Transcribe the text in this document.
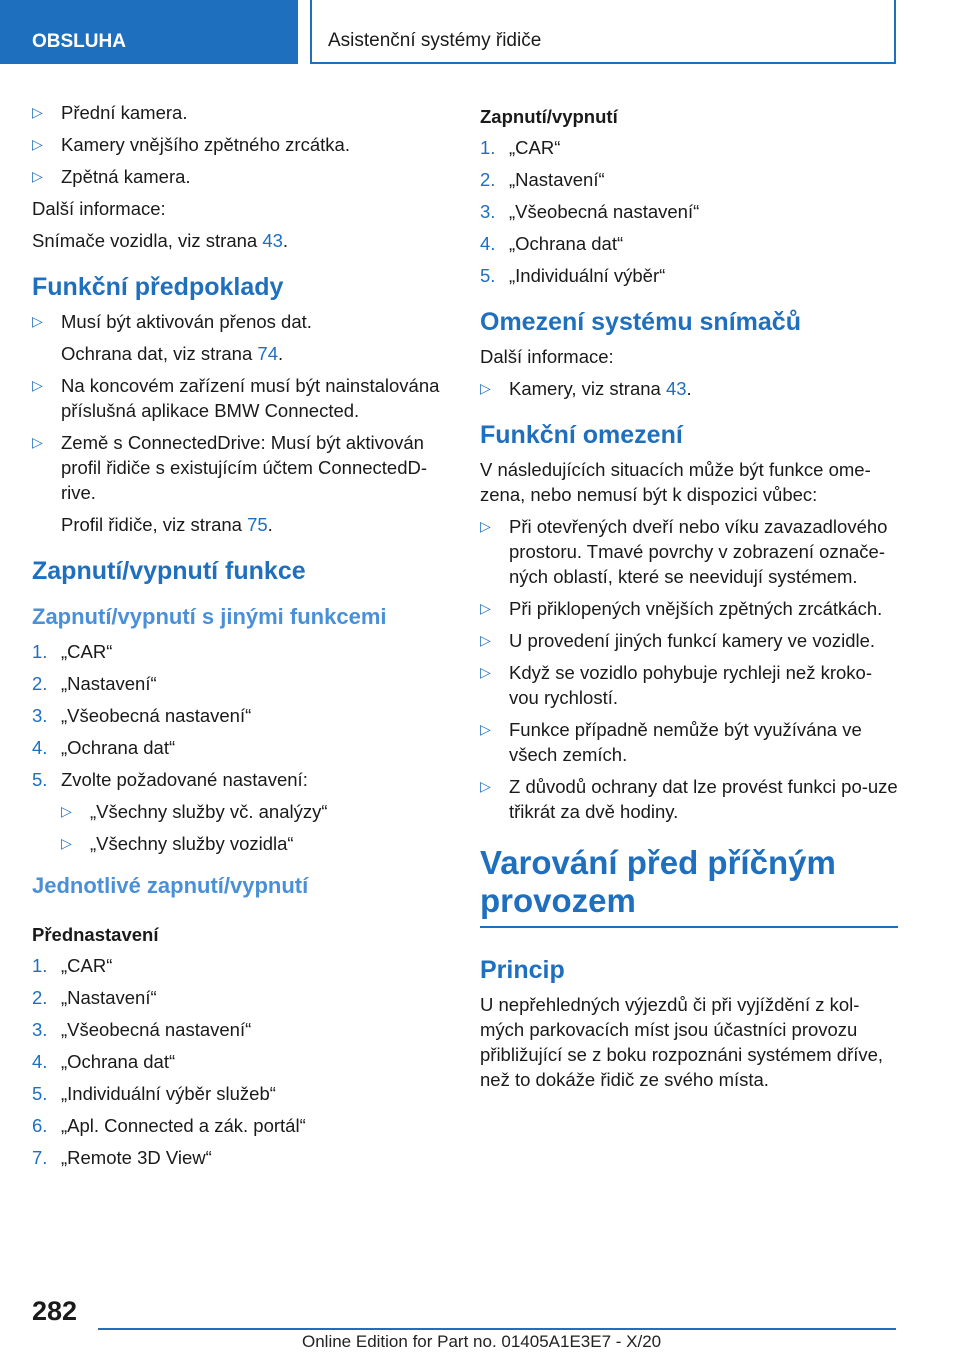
OBSLUHA	Asistenční systémy řidiče
▷ Přední kamera.
▷ Kamery vnějšího zpětného zrcátka.
▷ Zpětná kamera.

Další informace:

Snímače vozidla, viz strana 43.

Funkční předpoklady
▷ Musí být aktivován přenos dat.

Ochrana dat, viz strana 74.

▷ Na koncovém zařízení musí být nainstalována příslušná aplikace BMW Connected.
▷ Země s ConnectedDrive: Musí být aktivován profil řidiče s existujícím účtem ConnectedD-rive.

Profil řidiče, viz strana 75.

Zapnutí/vypnutí funkce
Zapnutí/vypnutí s jinými funkcemi
1. „CAR“
2. „Nastavení“
3. „Všeobecná nastavení“
4. „Ochrana dat“
5. Zvolte požadované nastavení:
▷ „Všechny služby vč. analýzy“
▷ „Všechny služby vozidla“
Jednotlivé zapnutí/vypnutí
Přednastavení
1. „CAR“
2. „Nastavení“
3. „Všeobecná nastavení“
4. „Ochrana dat“
5. „Individuální výběr služeb“
6. „Apl. Connected a zák. portál“
7. „Remote 3D View“
Zapnutí/vypnutí
1. „CAR“
2. „Nastavení“
3. „Všeobecná nastavení“
4. „Ochrana dat“
5. „Individuální výběr“
Omezení systému snímačů

Další informace:

▷ Kamery, viz strana 43.
Funkční omezení

V následujících situacích může být funkce ome-zena, nebo nemusí být k dispozici vůbec:

▷ Při otevřených dveří nebo víku zavazadlového prostoru. Tmavé povrchy v zobrazení označe-ných oblastí, které se neevidují systémem.
▷ Při přiklopených vnějších zpětných zrcátkách.
▷ U provedení jiných funkcí kamery ve vozidle.
▷ Když se vozidlo pohybuje rychleji než kroko-vou rychlostí.
▷ Funkce případně nemůže být využívána ve všech zemích.
▷ Z důvodů ochrany dat lze provést funkci po-uze třikrát za dvě hodiny.
Varování před příčným provozem
Princip

U nepřehledných výjezdů či při vyjíždění z kol-mých parkovacích míst jsou účastníci provozu přibližující se z boku rozpoznáni systémem dříve, než to dokáže řidič ze svého místa.

282
Online Edition for Part no. 01405A1E3E7 - X/20
